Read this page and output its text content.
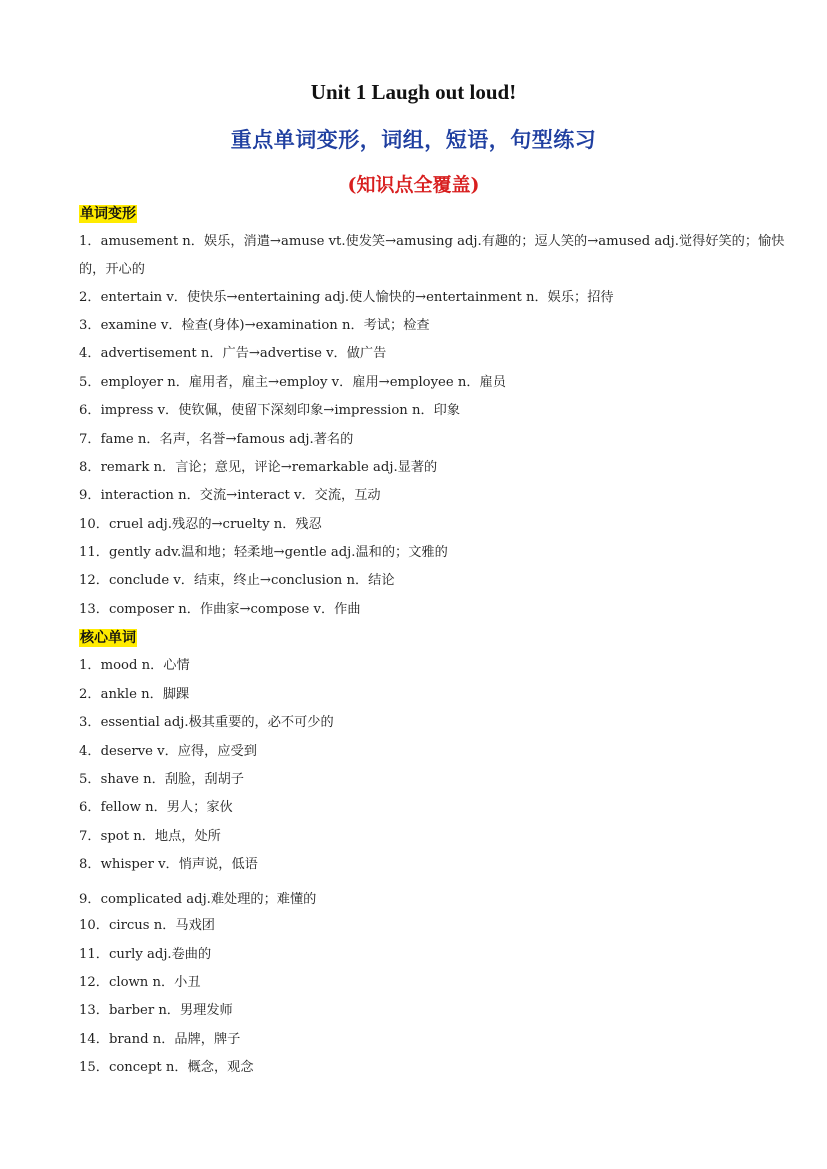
Unit 1 Laugh out loud!
重点单词变形，词组，短语，句型练习
(知识点全覆盖)
单词变形
1．amusement n．娱乐，消遣→amuse vt.使发笑→amusing adj.有趣的；逗人笑的→amused adj.觉得好笑的；愉快的，开心的
2．entertain v．使快乐→entertaining adj.使人愉快的→entertainment n．娱乐；招待
3．examine v．检查(身体)→examination n．考试；检查
4．advertisement n．广告→advertise v．做广告
5．employer n．雇用者，雇主→employ v．雇用→employee n．雇员
6．impress v．使钦佩，使留下深刻印象→impression n．印象
7．fame n．名声，名誉→famous adj.著名的
8．remark n．言论；意见，评论→remarkable adj.显著的
9．interaction n．交流→interact v．交流，互动
10．cruel adj.残忍的→cruelty n．残忍
11．gently adv.温和地；轻柔地→gentle adj.温和的；文雅的
12．conclude v．结束，终止→conclusion n．结论
13．composer n．作曲家→compose v．作曲
核心单词
1．mood n．心情
2．ankle n．脚踝
3．essential adj.极其重要的，必不可少的
4．deserve v．应得，应受到
5．shave n．刮脸，刮胡子
6．fellow n．男人；家伙
7．spot n．地点，处所
8．whisper v．悄声说，低语
9．complicated adj.难处理的；难懂的
10．circus n．马戏团
11．curly adj.卷曲的
12．clown n．小丑
13．barber n．男理发师
14．brand n．品牌，牌子
15．concept n．概念，观念
